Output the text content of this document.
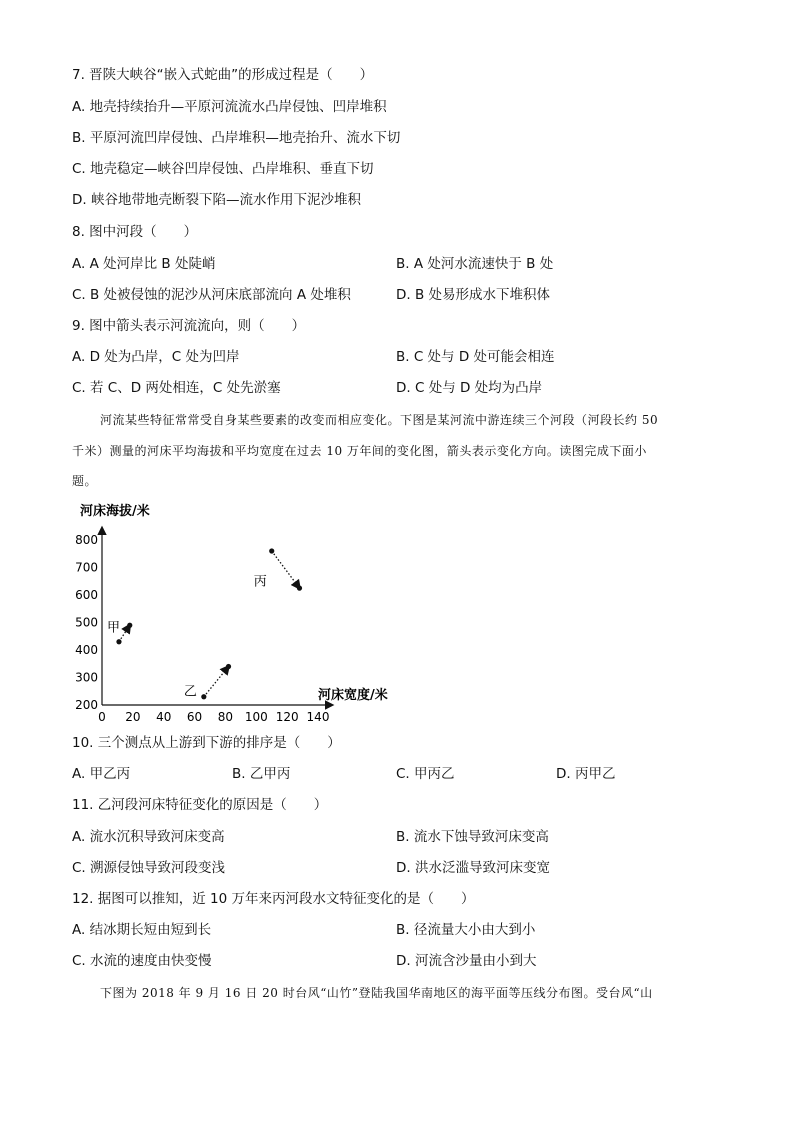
7. 晋陕大峡谷“嵌入式蛇曲”的形成过程是（　　）
A. 地壳持续抬升—平原河流流水凸岸侵蚀、凹岸堆积
B. 平原河流凹岸侵蚀、凸岸堆积—地壳抬升、流水下切
C. 地壳稳定—峡谷凹岸侵蚀、凸岸堆积、垂直下切
D. 峡谷地带地壳断裂下陷—流水作用下泥沙堆积
8. 图中河段（　　）
A. A 处河岸比 B 处陡峭	B. A 处河水流速快于 B 处
C. B 处被侵蚀的泥沙从河床底部流向 A 处堆积	D. B 处易形成水下堆积体
9. 图中箭头表示河流流向，则（　　）
A. D 处为凸岸，C 处为凹岸	B. C 处与 D 处可能会相连
C. 若 C、D 两处相连，C 处先淤塞	D. C 处与 D 处均为凸岸
河流某些特征常常受自身某些要素的改变而相应变化。下图是某河流中游连续三个河段（河段长约 50
千米）测量的河床平均海拔和平均宽度在过去 10 万年间的变化图，箭头表示变化方向。读图完成下面小
题。
河床海拔/米
河床宽度/米
0 20 40 60 80 100 120 140
200
300
400
500
600
700
800
甲
乙
丙
10. 三个测点从上游到下游的排序是（　　）
A. 甲乙丙	B. 乙甲丙	C. 甲丙乙	D. 丙甲乙
11. 乙河段河床特征变化的原因是（　　）
A. 流水沉积导致河床变高	B. 流水下蚀导致河床变高
C. 溯源侵蚀导致河段变浅	D. 洪水泛滥导致河床变宽
12. 据图可以推知，近 10 万年来丙河段水文特征变化的是（　　）
A. 结冰期长短由短到长	B. 径流量大小由大到小
C. 水流的速度由快变慢	D. 河流含沙量由小到大
下图为 2018 年 9 月 16 日 20 时台风“山竹”登陆我国华南地区的海平面等压线分布图。受台风“山
